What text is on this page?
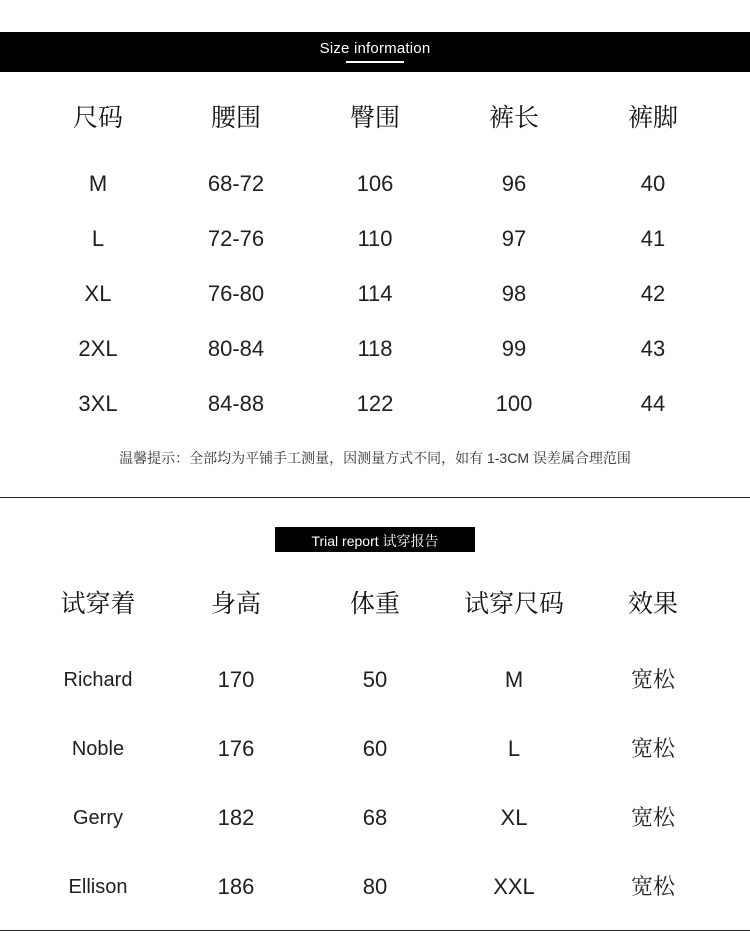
Size information
尺码	腰围	臀围	裤长	裤脚
M	68-72	106	96	40
L	72-76	110	97	41
XL	76-80	114	98	42
2XL	80-84	118	99	43
3XL	84-88	122	100	44
温馨提示：全部均为平铺手工测量，因测量方式不同，如有 1-3CM 误差属合理范围
Trial report 试穿报告
试穿着	身高	体重	试穿尺码	效果
Richard	170	50	M	宽松
Noble	176	60	L	宽松
Gerry	182	68	XL	宽松
Ellison	186	80	XXL	宽松
